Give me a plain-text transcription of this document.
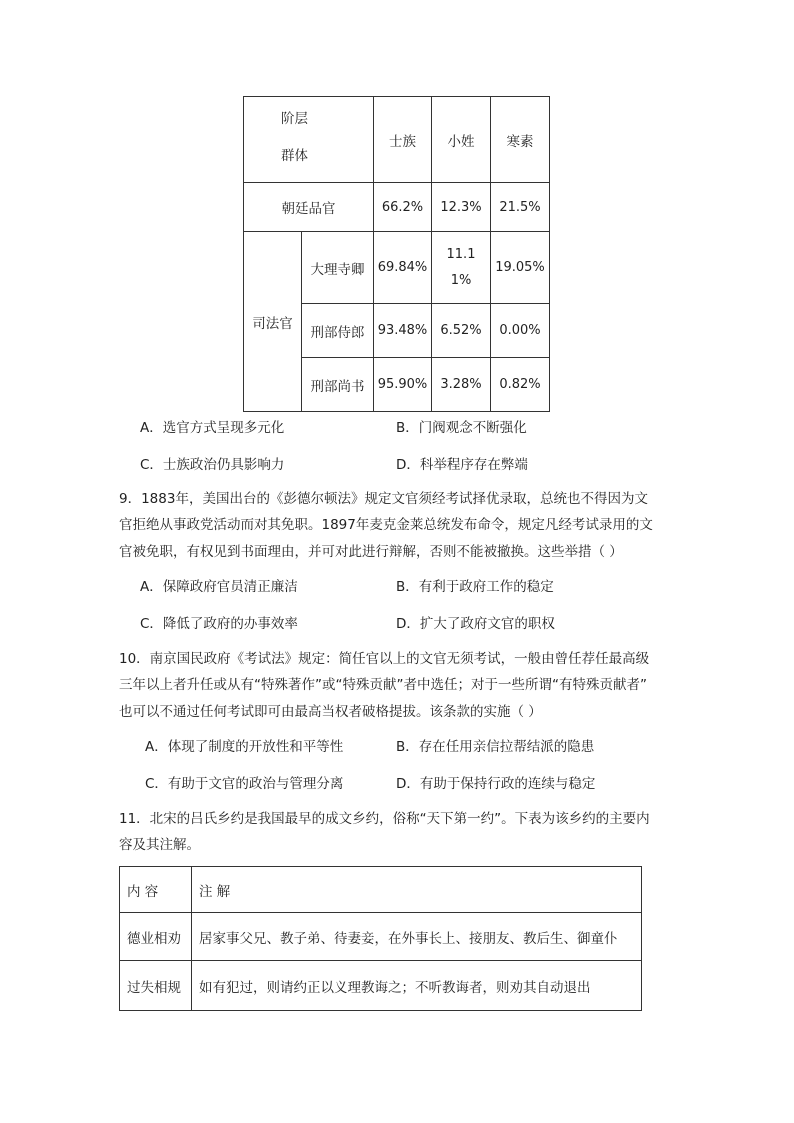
阶层
群体		士族	小姓	寒素
朝廷品官		66.2%	12.3%	21.5%
司法官	大理寺卿	69.84%	11.11%	19.05%
	刑部侍郎	93.48%	6.52%	0.00%
	刑部尚书	95.90%	3.28%	0.82%
A．选官方式呈现多元化	B．门阀观念不断强化
C．士族政治仍具影响力	D．科举程序存在弊端
9．1883年，美国出台的《彭德尔顿法》规定文官须经考试择优录取，总统也不得因为文
官拒绝从事政党活动而对其免职。1897年麦克金莱总统发布命令，规定凡经考试录用的文
官被免职，有权见到书面理由，并可对此进行辩解，否则不能被撤换。这些举措（ ）
A．保障政府官员清正廉洁	B．有利于政府工作的稳定
C．降低了政府的办事效率	D．扩大了政府文官的职权
10．南京国民政府《考试法》规定：简任官以上的文官无须考试，一般由曾任荐任最高级
三年以上者升任或从有“特殊著作”或“特殊贡献”者中选任；对于一些所谓“有特殊贡献者”
也可以不通过任何考试即可由最高当权者破格提拔。该条款的实施（ ）
A．体现了制度的开放性和平等性	B．存在任用亲信拉帮结派的隐患
C．有助于文官的政治与管理分离	D．有助于保持行政的连续与稳定
11．北宋的吕氏乡约是我国最早的成文乡约，俗称“天下第一约”。下表为该乡约的主要内
容及其注解。
内 容	注 解
德业相劝	居家事父兄、教子弟、待妻妾，在外事长上、接朋友、教后生、御童仆
过失相规	如有犯过，则请约正以义理教诲之；不听教诲者，则劝其自动退出
